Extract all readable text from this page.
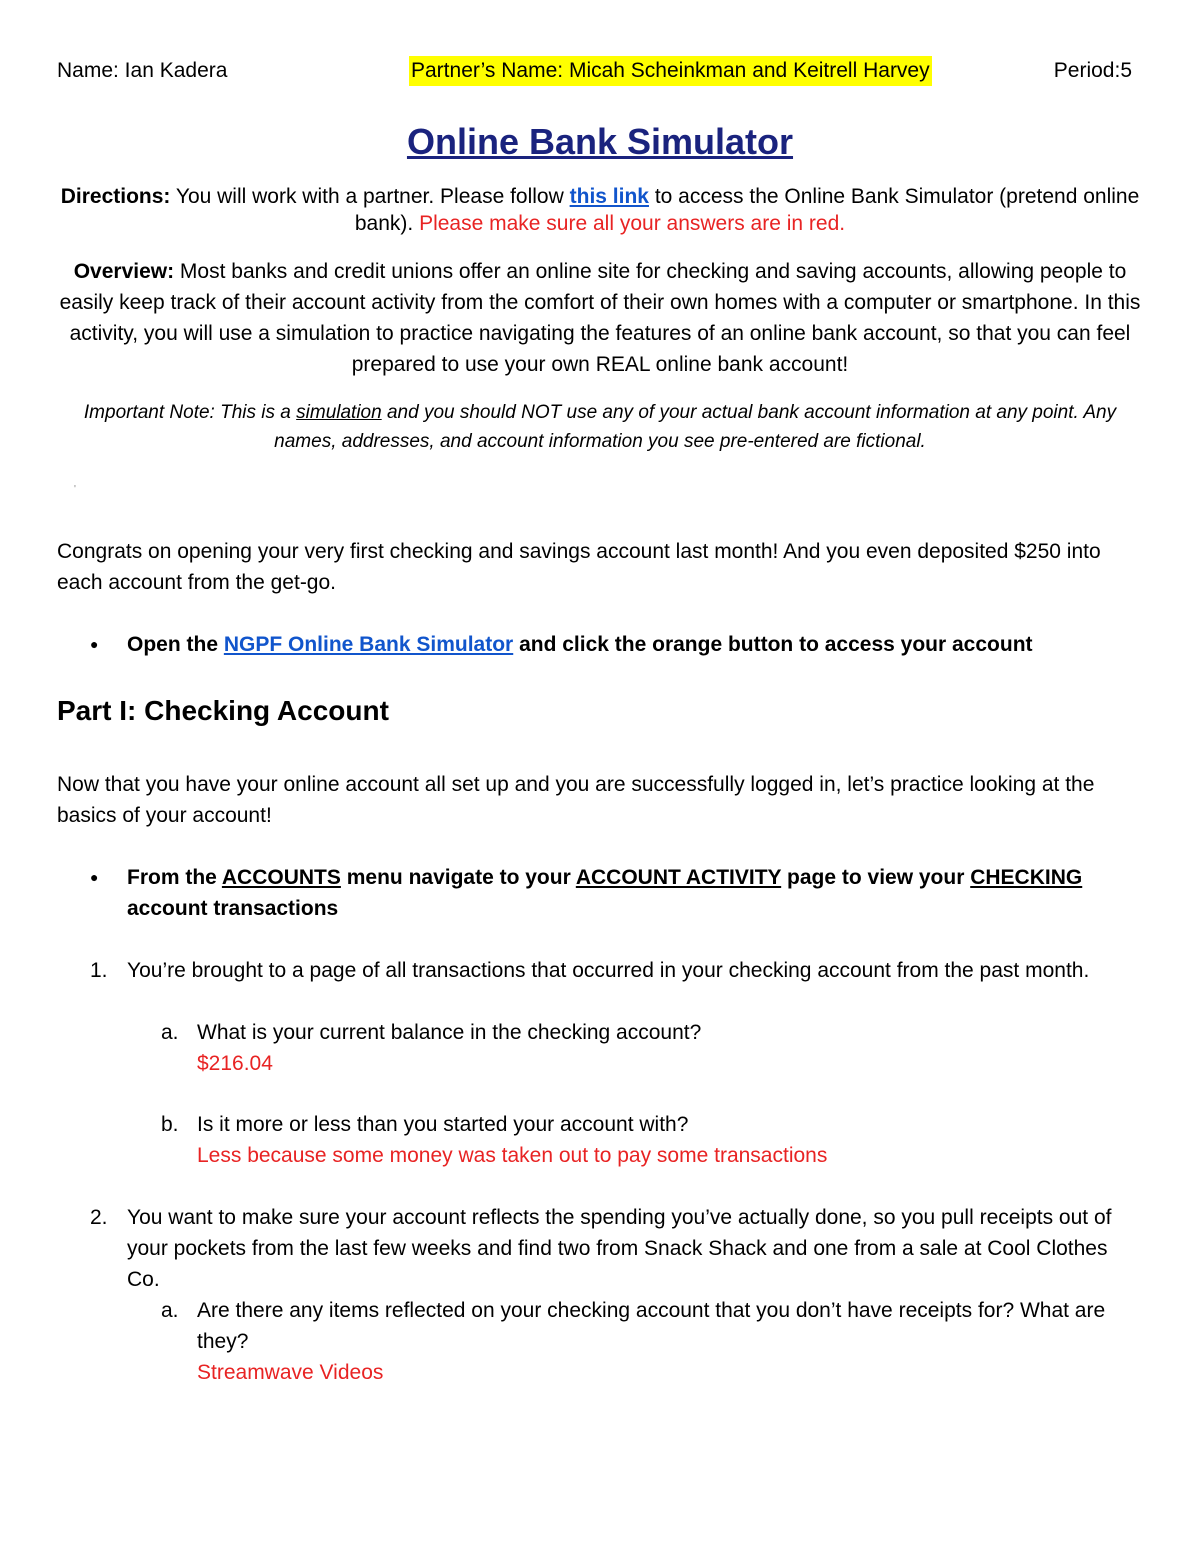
Name: Ian Kadera	Partner’s Name: Micah Scheinkman and Keitrell Harvey	Period:5
Online Bank Simulator
Directions: You will work with a partner. Please follow this link to access the Online Bank Simulator (pretend online bank). Please make sure all your answers are in red.
Overview: Most banks and credit unions offer an online site for checking and saving accounts, allowing people to easily keep track of their account activity from the comfort of their own homes with a computer or smartphone. In this activity, you will use a simulation to practice navigating the features of an online bank account, so that you can feel prepared to use your own REAL online bank account!
Important Note: This is a simulation and you should NOT use any of your actual bank account information at any point. Any names, addresses, and account information you see pre-entered are fictional.
'
Congrats on opening your very first checking and savings account last month! And you even deposited $250 into each account from the get-go.
● Open the NGPF Online Bank Simulator and click the orange button to access your account
Part I: Checking Account
Now that you have your online account all set up and you are successfully logged in, let’s practice looking at the basics of your account!
● From the ACCOUNTS menu navigate to your ACCOUNT ACTIVITY page to view your CHECKING account transactions
1. You’re brought to a page of all transactions that occurred in your checking account from the past month.
a. What is your current balance in the checking account?
$216.04
b. Is it more or less than you started your account with?
Less because some money was taken out to pay some transactions
2. You want to make sure your account reflects the spending you’ve actually done, so you pull receipts out of your pockets from the last few weeks and find two from Snack Shack and one from a sale at Cool Clothes Co.
a. Are there any items reflected on your checking account that you don’t have receipts for? What are they?
Streamwave Videos
